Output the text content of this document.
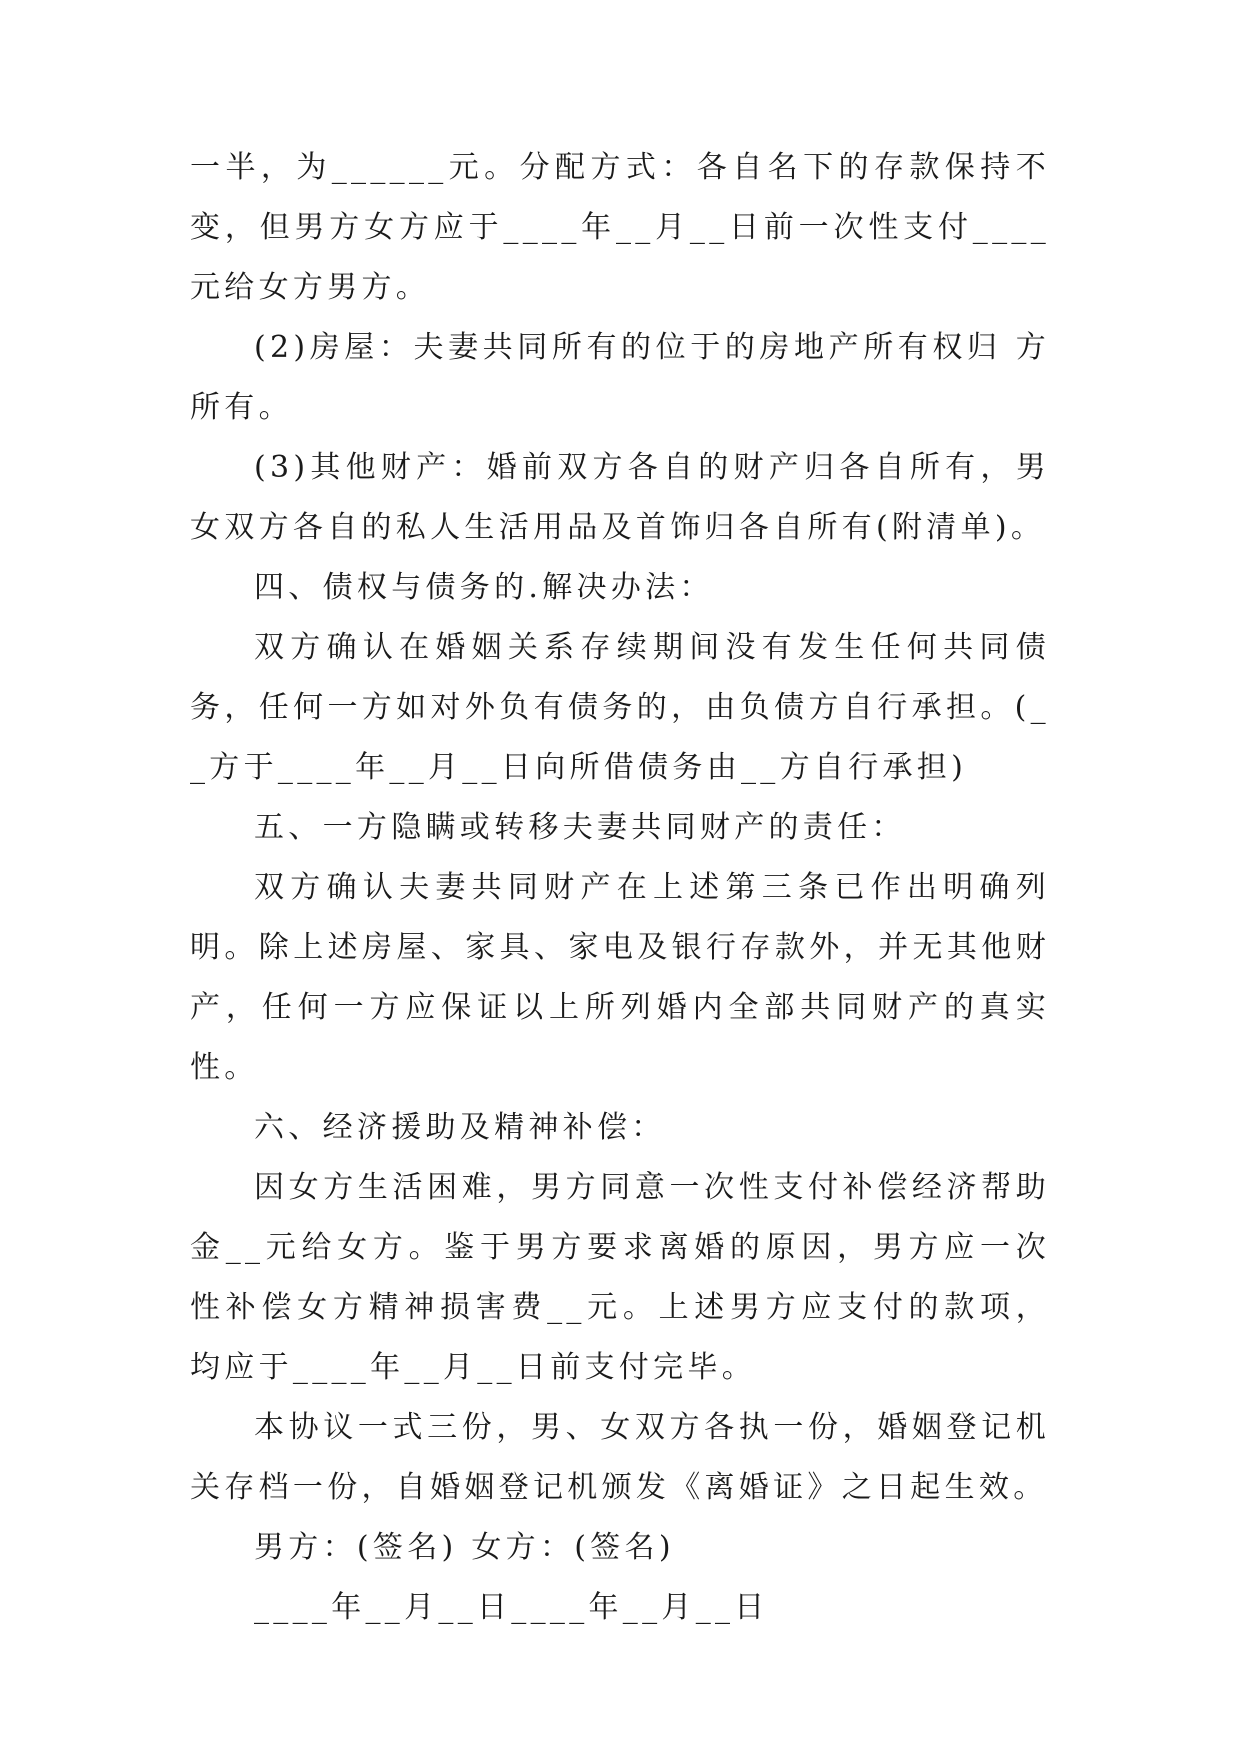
一半，为______元。分配方式：各自名下的存款保持不变，但男方女方应于____年__月__日前一次性支付____元给女方男方。

(2)房屋：夫妻共同所有的位于的房地产所有权归 方所有。

(3)其他财产：婚前双方各自的财产归各自所有，男女双方各自的私人生活用品及首饰归各自所有(附清单)。

四、债权与债务的.解决办法：

双方确认在婚姻关系存续期间没有发生任何共同债务，任何一方如对外负有债务的，由负债方自行承担。(__方于____年__月__日向所借债务由__方自行承担)

五、一方隐瞒或转移夫妻共同财产的责任：

双方确认夫妻共同财产在上述第三条已作出明确列明。除上述房屋、家具、家电及银行存款外，并无其他财产，任何一方应保证以上所列婚内全部共同财产的真实性。

六、经济援助及精神补偿：

因女方生活困难，男方同意一次性支付补偿经济帮助金__元给女方。鉴于男方要求离婚的原因，男方应一次性补偿女方精神损害费__元。上述男方应支付的款项，均应于____年__月__日前支付完毕。

本协议一式三份，男、女双方各执一份，婚姻登记机关存档一份，自婚姻登记机颁发《离婚证》之日起生效。

男方：(签名) 女方：(签名)

____年__月__日____年__月__日
